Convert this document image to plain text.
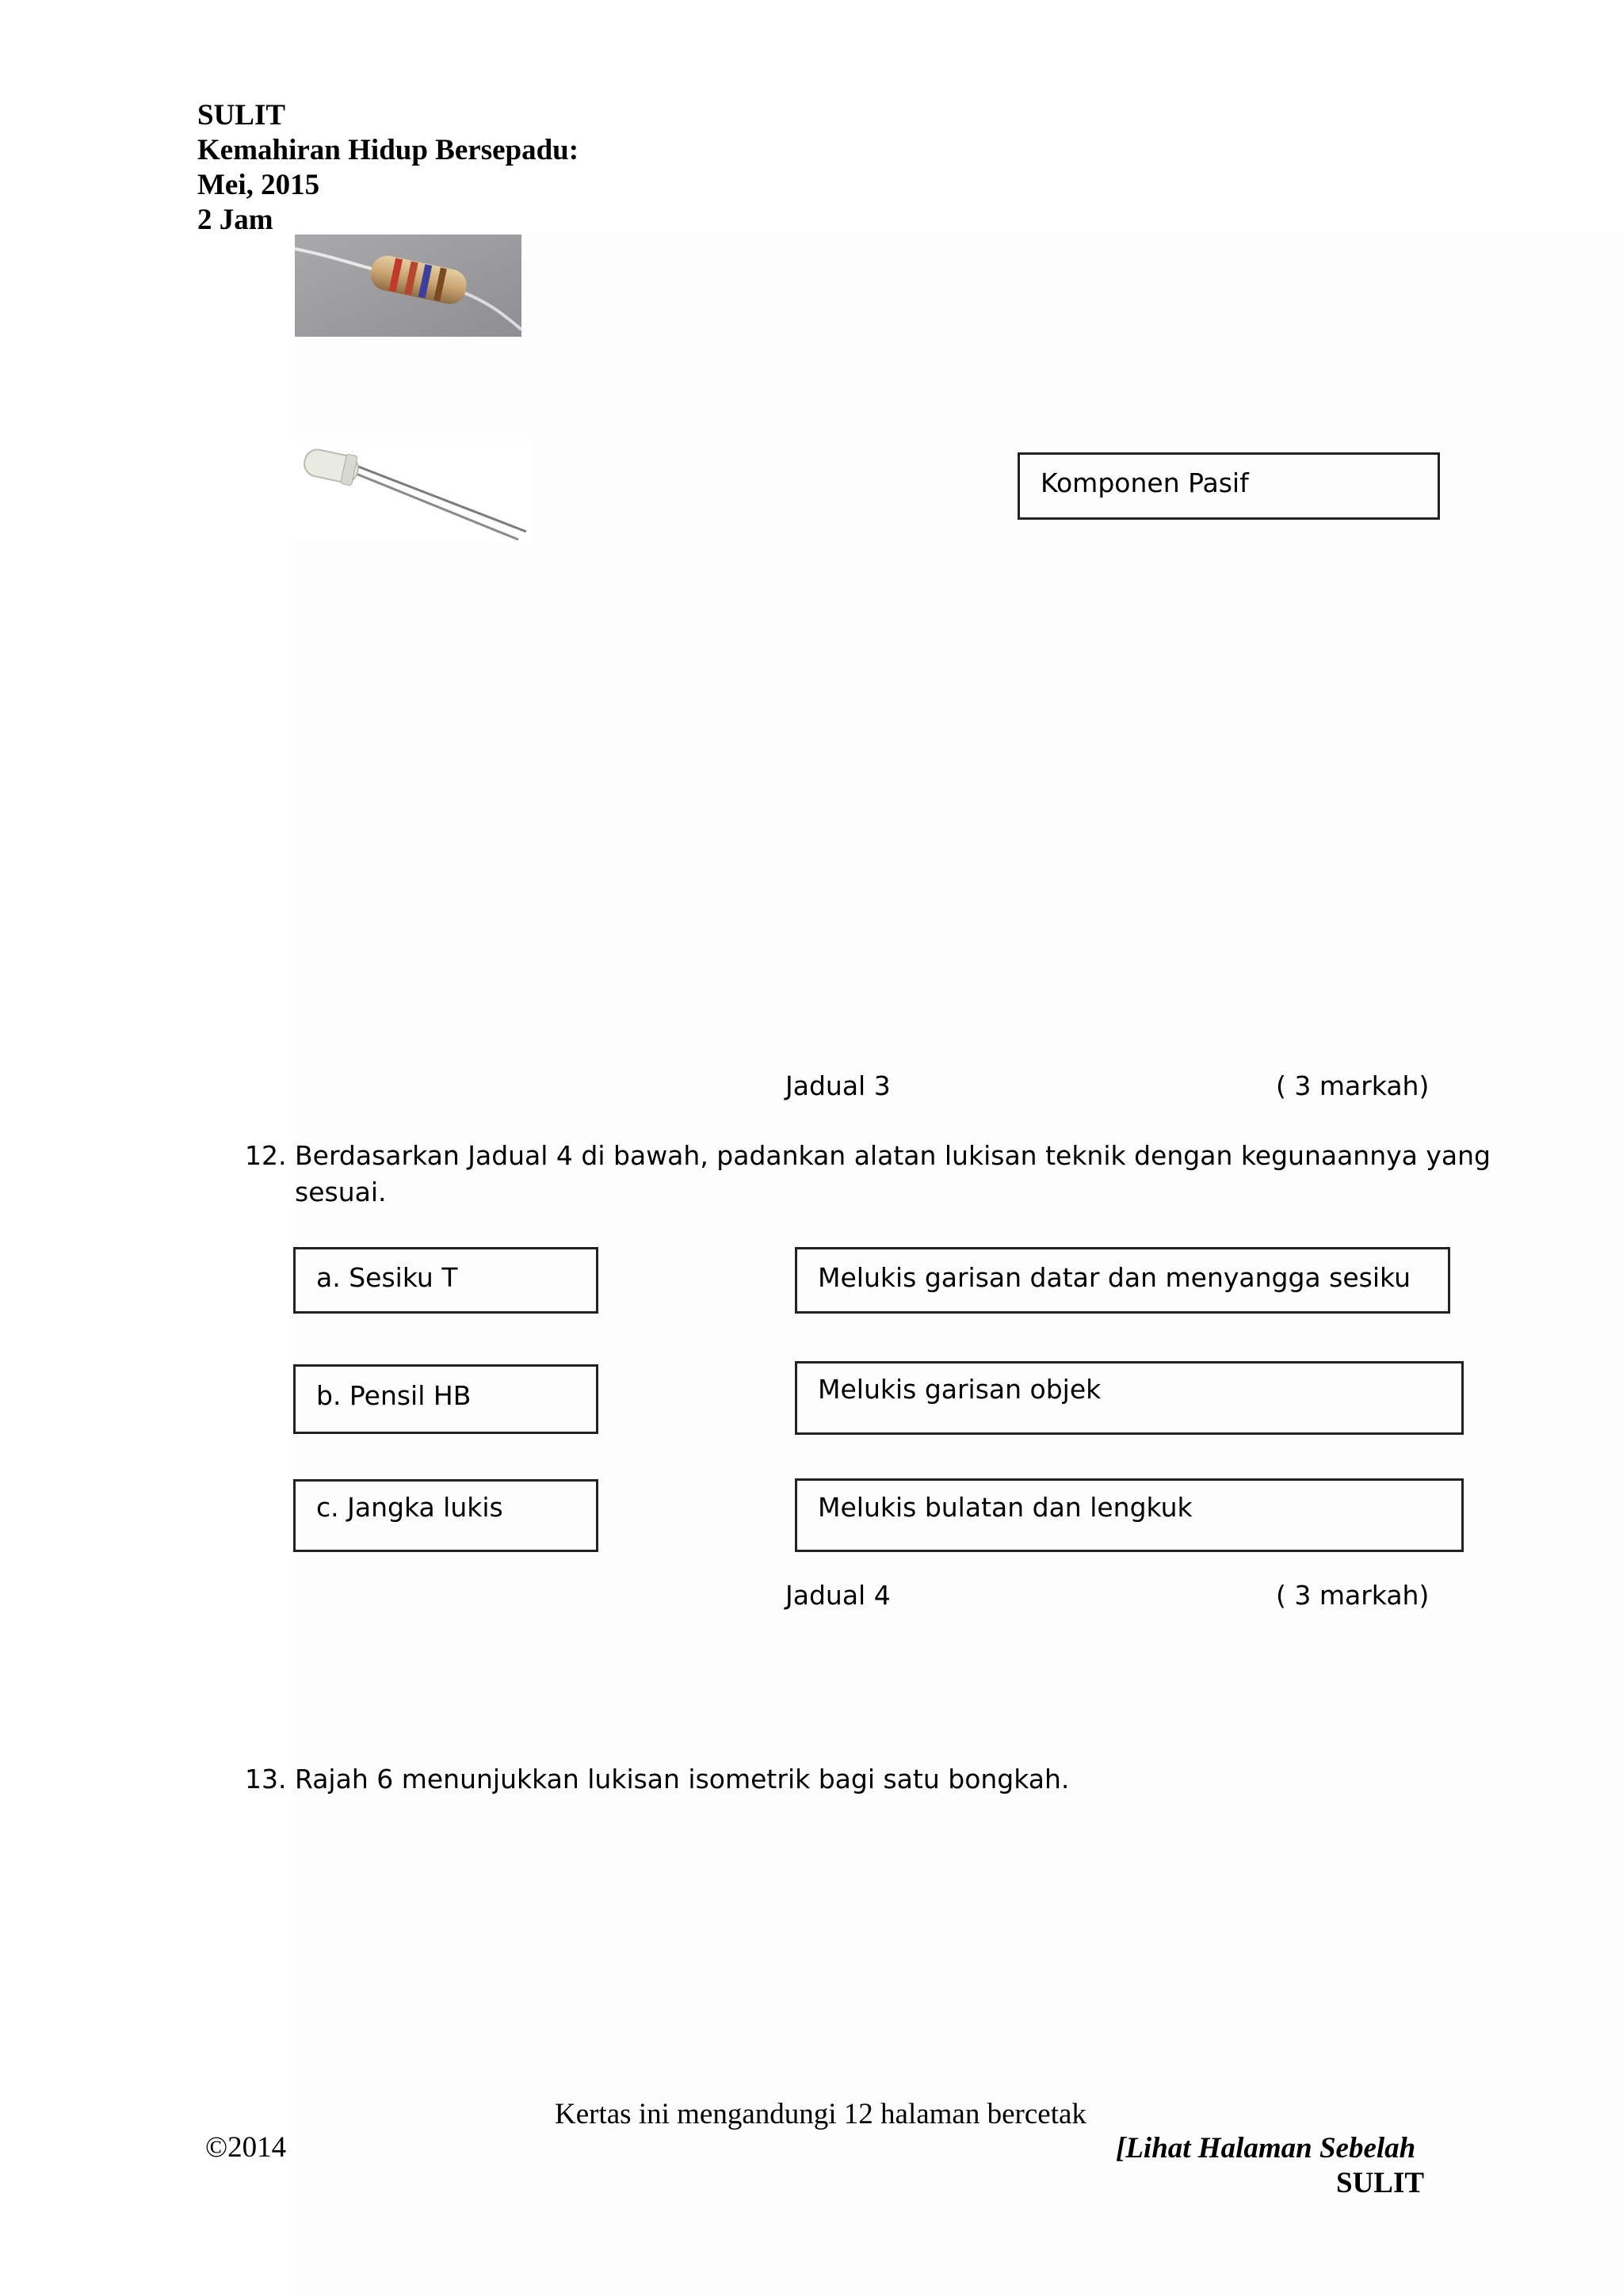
SULIT
Kemahiran Hidup Bersepadu:
Mei, 2015
2 Jam
Komponen Pasif
Jadual 3	( 3 markah)
12. Berdasarkan Jadual 4 di bawah, padankan alatan lukisan teknik dengan kegunaannya yang
sesuai.
a. Sesiku T
b. Pensil HB
c. Jangka lukis
Melukis garisan datar dan menyangga sesiku
Melukis garisan objek
Melukis bulatan dan lengkuk
Jadual 4	( 3 markah)
13. Rajah 6 menunjukkan lukisan isometrik bagi satu bongkah.
Kertas ini mengandungi 12 halaman bercetak
©2014	[Lihat Halaman Sebelah
SULIT
